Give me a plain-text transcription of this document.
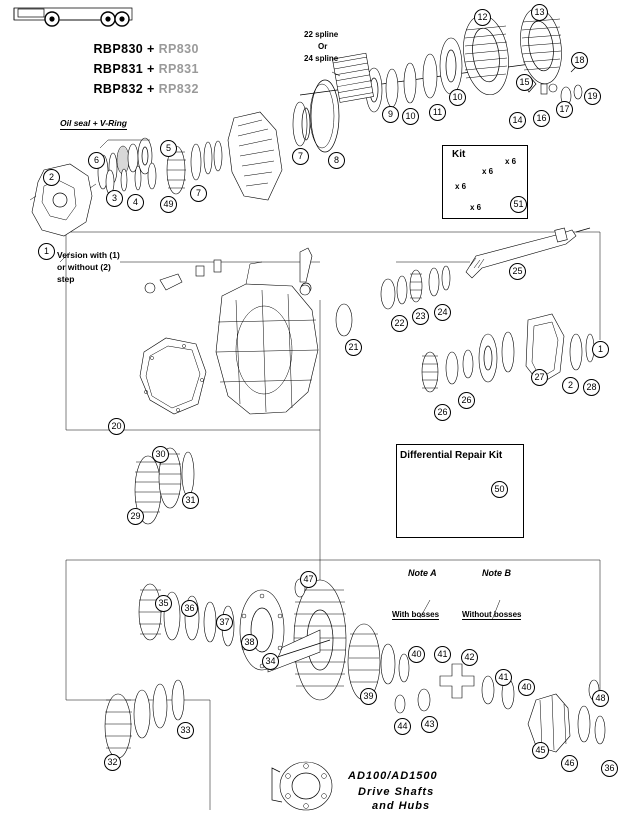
RBP830 + RP830

RBP831 + RP831

RBP832 + RP832

Oil seal + V-Ring
22 spline
Or
24 spline
Version with (1)
or without (2)
step
Kit
x 6
x 6
x 6
x 6
Differential Repair Kit
Note A	Note B
With bosses	Without bosses
AD100/AD1500
Drive Shafts
and Hubs
12	13
18
15
19
17
16
14
10	11
10
9
8
7
5
6
2
3	4	49
7
1
51
25
24
23
22
21	1
27
2	28
26
26
20
30
31
29
50
47
35	36
37
38
34
40	41	42
41
40
48
39
44	43
45
46	36
33
32
